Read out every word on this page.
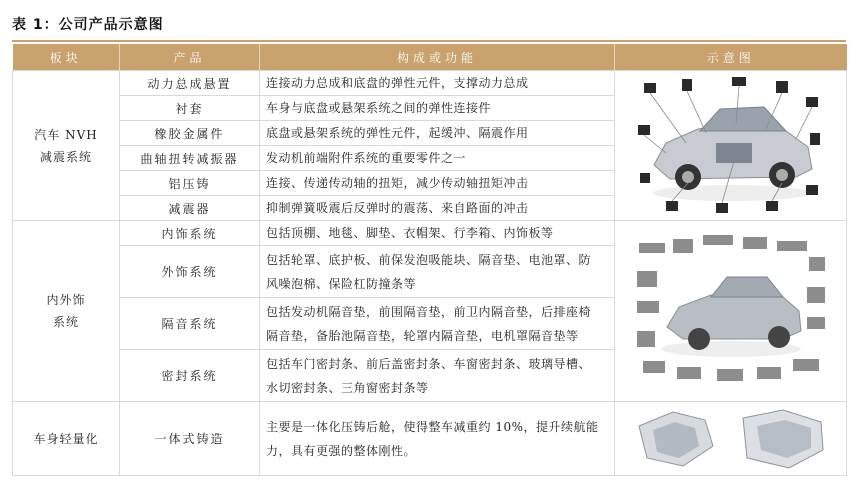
表 1：公司产品示意图
板块	产品	构成或功能	示意图

汽车 NVH
减震系统	动力总成悬置	连接动力总成和底盘的弹性元件，支撑动力总成	

	衬套	车身与底盘或悬架系统之间的弹性连接件	
	橡胶金属件	底盘或悬架系统的弹性元件，起缓冲、隔震作用	
	曲轴扭转减振器	发动机前端附件系统的重要零件之一	
	铝压铸	连接、传递传动轴的扭矩，减少传动轴扭矩冲击	
	减震器	抑制弹簧吸震后反弹时的震荡、来自路面的冲击	

内外饰
系统	内饰系统	包括顶棚、地毯、脚垫、衣帽架、行李箱、内饰板等	

	外饰系统	包括轮罩、底护板、前保发泡吸能块、隔音垫、电池罩、防
风噪泡棉、保险杠防撞条等	

	隔音系统	包括发动机隔音垫，前围隔音垫，前卫内隔音垫，后排座椅
隔音垫，备胎池隔音垫，轮罩内隔音垫，电机罩隔音垫等	

	密封系统	包括车门密封条、前后盖密封条、车窗密封条、玻璃导槽、
水切密封条、三角窗密封条等	

车身轻量化	一体式铸造	主要是一体化压铸后舱，使得整车减重约 10%，提升续航能
力，具有更强的整体刚性。
